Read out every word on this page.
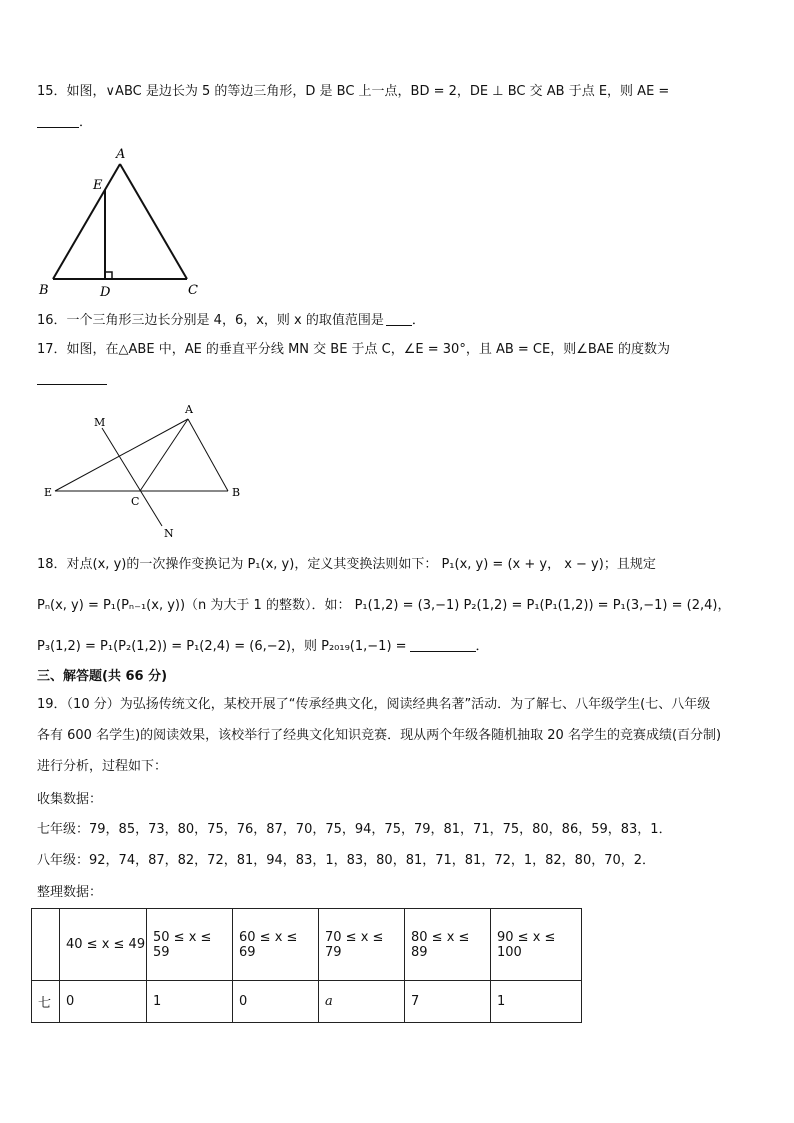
15．如图，∨ABC 是边长为 5 的等边三角形，D 是 BC 上一点，BD = 2，DE ⊥ BC 交 AB 于点 E，则 AE =
．
A
E
B	D	C
16．一个三角形三边长分别是 4，6，x，则 x 的取值范围是 ．
17．如图，在△ABE 中，AE 的垂直平分线 MN 交 BE 于点 C，∠E = 30°，且 AB = CE，则∠BAE 的度数为
M
A
E
C
B
N
18．对点(x, y)的一次操作变换记为 P₁(x, y)，定义其变换法则如下： P₁(x, y) = (x + y， x − y)；且规定
Pₙ(x, y) = P₁(Pₙ₋₁(x, y))（n 为大于 1 的整数）．如： P₁(1,2) = (3,−1) P₂(1,2) = P₁(P₁(1,2)) = P₁(3,−1) = (2,4)，
P₃(1,2) = P₁(P₂(1,2)) = P₁(2,4) = (6,−2)，则 P₂₀₁₉(1,−1) =	．
三、解答题(共 66 分)
19．（10 分）为弘扬传统文化，某校开展了“传承经典文化，阅读经典名著”活动．为了解七、八年级学生(七、八年级
各有 600 名学生)的阅读效果，该校举行了经典文化知识竞赛．现从两个年级各随机抽取 20 名学生的竞赛成绩(百分制)
进行分析，过程如下：
收集数据：
七年级：79，85，73，80，75，76，87，70，75，94，75，79，81，71，75，80，86，59，83，1．
八年级：92，74，87，82，72，81，94，83，1，83，80，81，71，81，72，1，82，80，70，2．
整理数据：
	40 ≤ x ≤ 49	50 ≤ x ≤ 59	60 ≤ x ≤ 69	70 ≤ x ≤ 79	80 ≤ x ≤ 89	90 ≤ x ≤ 100
七	0	1	0	a	7	1
